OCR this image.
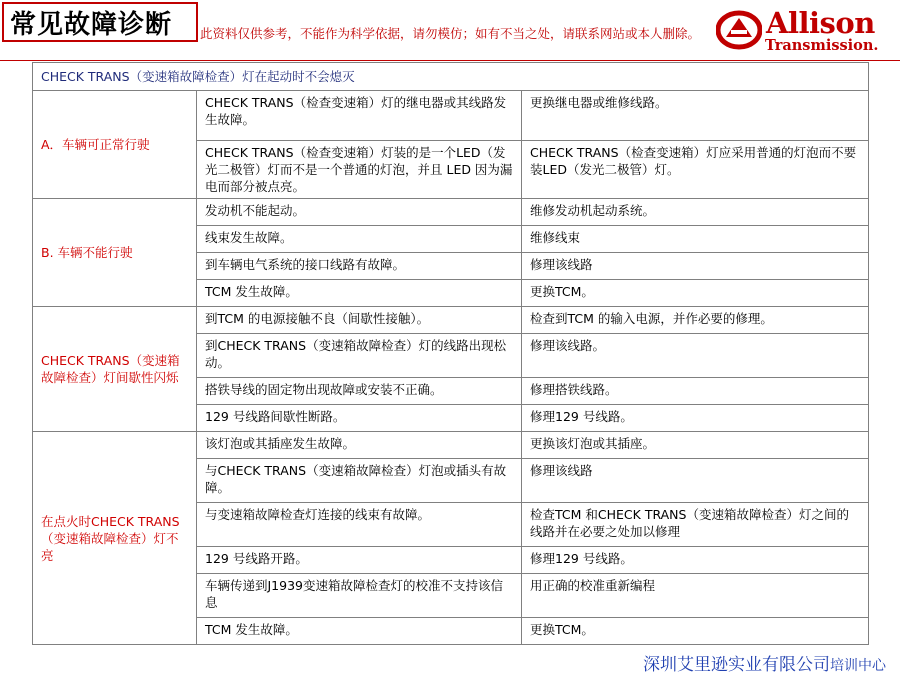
常见故障诊断	此资料仅供参考，不能作为科学依据，请勿模仿；如有不当之处，请联系网站或本人删除。	Allison
Transmission.
CHECK TRANS（变速箱故障检查）灯在起动时不会熄灭		
A．车辆可正常行驶	CHECK TRANS（检查变速箱）灯的继电器或其线路发生故障。	更换继电器或维修线路。
	CHECK TRANS（检查变速箱）灯装的是一个LED（发光二极管）灯而不是一个普通的灯泡，并且 LED 因为漏电而部分被点亮。	CHECK TRANS（检查变速箱）灯应采用普通的灯泡而不要装LED（发光二极管）灯。
B. 车辆不能行驶	发动机不能起动。	维修发动机起动系统。
	线束发生故障。	维修线束
	到车辆电气系统的接口线路有故障。	修理该线路
	TCM 发生故障。	更换TCM。
CHECK TRANS（变速箱故障检查）灯间歇性闪烁	到TCM 的电源接触不良（间歇性接触）。	检查到TCM 的输入电源，并作必要的修理。
	到CHECK TRANS（变速箱故障检查）灯的线路出现松动。	修理该线路。
	搭铁导线的固定物出现故障或安装不正确。	修理搭铁线路。
	129 号线路间歇性断路。	修理129 号线路。
在点火时CHECK TRANS（变速箱故障检查）灯不亮	该灯泡或其插座发生故障。	更换该灯泡或其插座。
	与CHECK TRANS（变速箱故障检查）灯泡或插头有故障。	修理该线路
	与变速箱故障检查灯连接的线束有故障。	检查TCM 和CHECK TRANS（变速箱故障检查）灯之间的线路并在必要之处加以修理
	129 号线路开路。	修理129 号线路。
	车辆传递到J1939变速箱故障检查灯的校准不支持该信息	用正确的校准重新编程
	TCM 发生故障。	更换TCM。
深圳艾里逊实业有限公司培训中心
